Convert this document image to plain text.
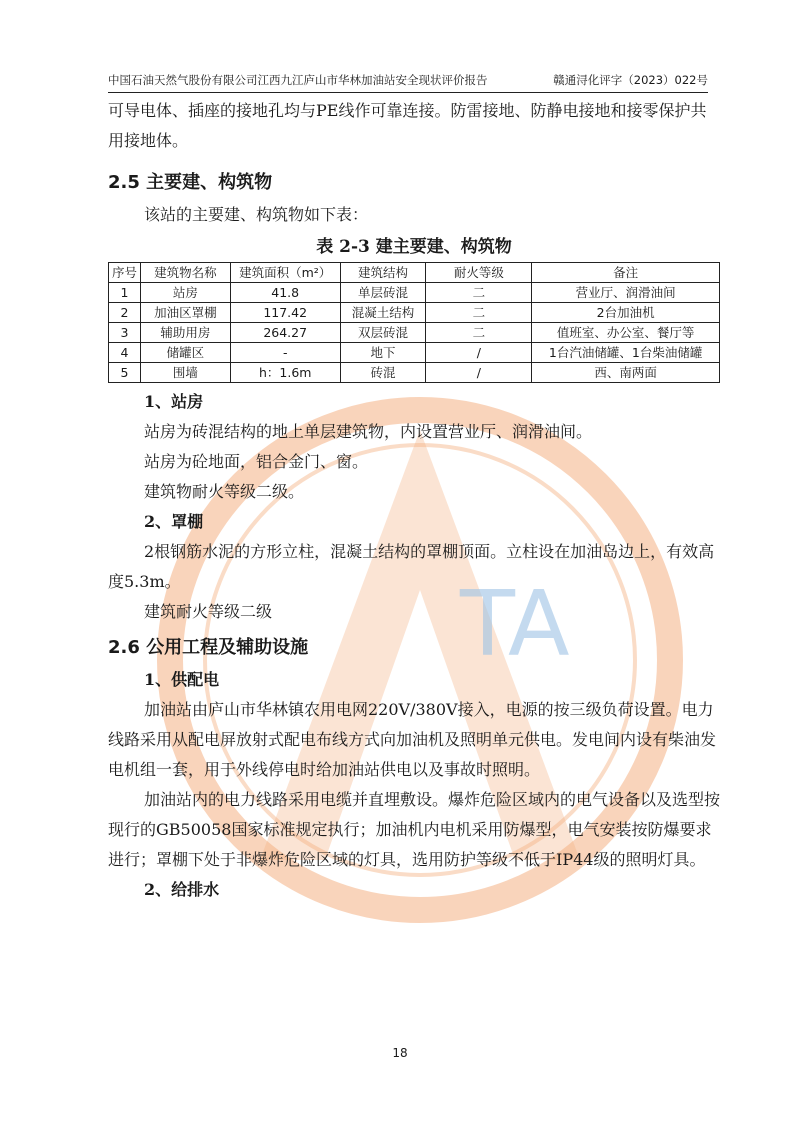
TA
中国石油天然气股份有限公司江西九江庐山市华林加油站安全现状评价报告	赣通浔化评字（2023）022号

可导电体、插座的接地孔均与PE线作可靠连接。防雷接地、防静电接地和接零保护共用接地体。

2.5 主要建、构筑物

该站的主要建、构筑物如下表：

表 2-3 建主要建、构筑物
序号	建筑物名称	建筑面积（m²）	建筑结构	耐火等级	备注
1	站房	41.8	单层砖混	二	营业厅、润滑油间
2	加油区罩棚	117.42	混凝土结构	二	2台加油机
3	辅助用房	264.27	双层砖混	二	值班室、办公室、餐厅等
4	储罐区	-	地下	/	1台汽油储罐、1台柴油储罐
5	围墙	h：1.6m	砖混	/	西、南两面
1、站房

站房为砖混结构的地上单层建筑物，内设置营业厅、润滑油间。

站房为砼地面，铝合金门、窗。

建筑物耐火等级二级。

2、罩棚

2根钢筋水泥的方形立柱，混凝土结构的罩棚顶面。立柱设在加油岛边上，有效高度5.3m。

建筑耐火等级二级

2.6 公用工程及辅助设施
1、供配电

加油站由庐山市华林镇农用电网220V/380V接入，电源的按三级负荷设置。电力线路采用从配电屏放射式配电布线方式向加油机及照明单元供电。发电间内设有柴油发电机组一套，用于外线停电时给加油站供电以及事故时照明。

加油站内的电力线路采用电缆并直埋敷设。爆炸危险区域内的电气设备以及选型按现行的GB50058国家标准规定执行；加油机内电机采用防爆型，电气安装按防爆要求进行；罩棚下处于非爆炸危险区域的灯具，选用防护等级不低于IP44级的照明灯具。

2、给排水
18
